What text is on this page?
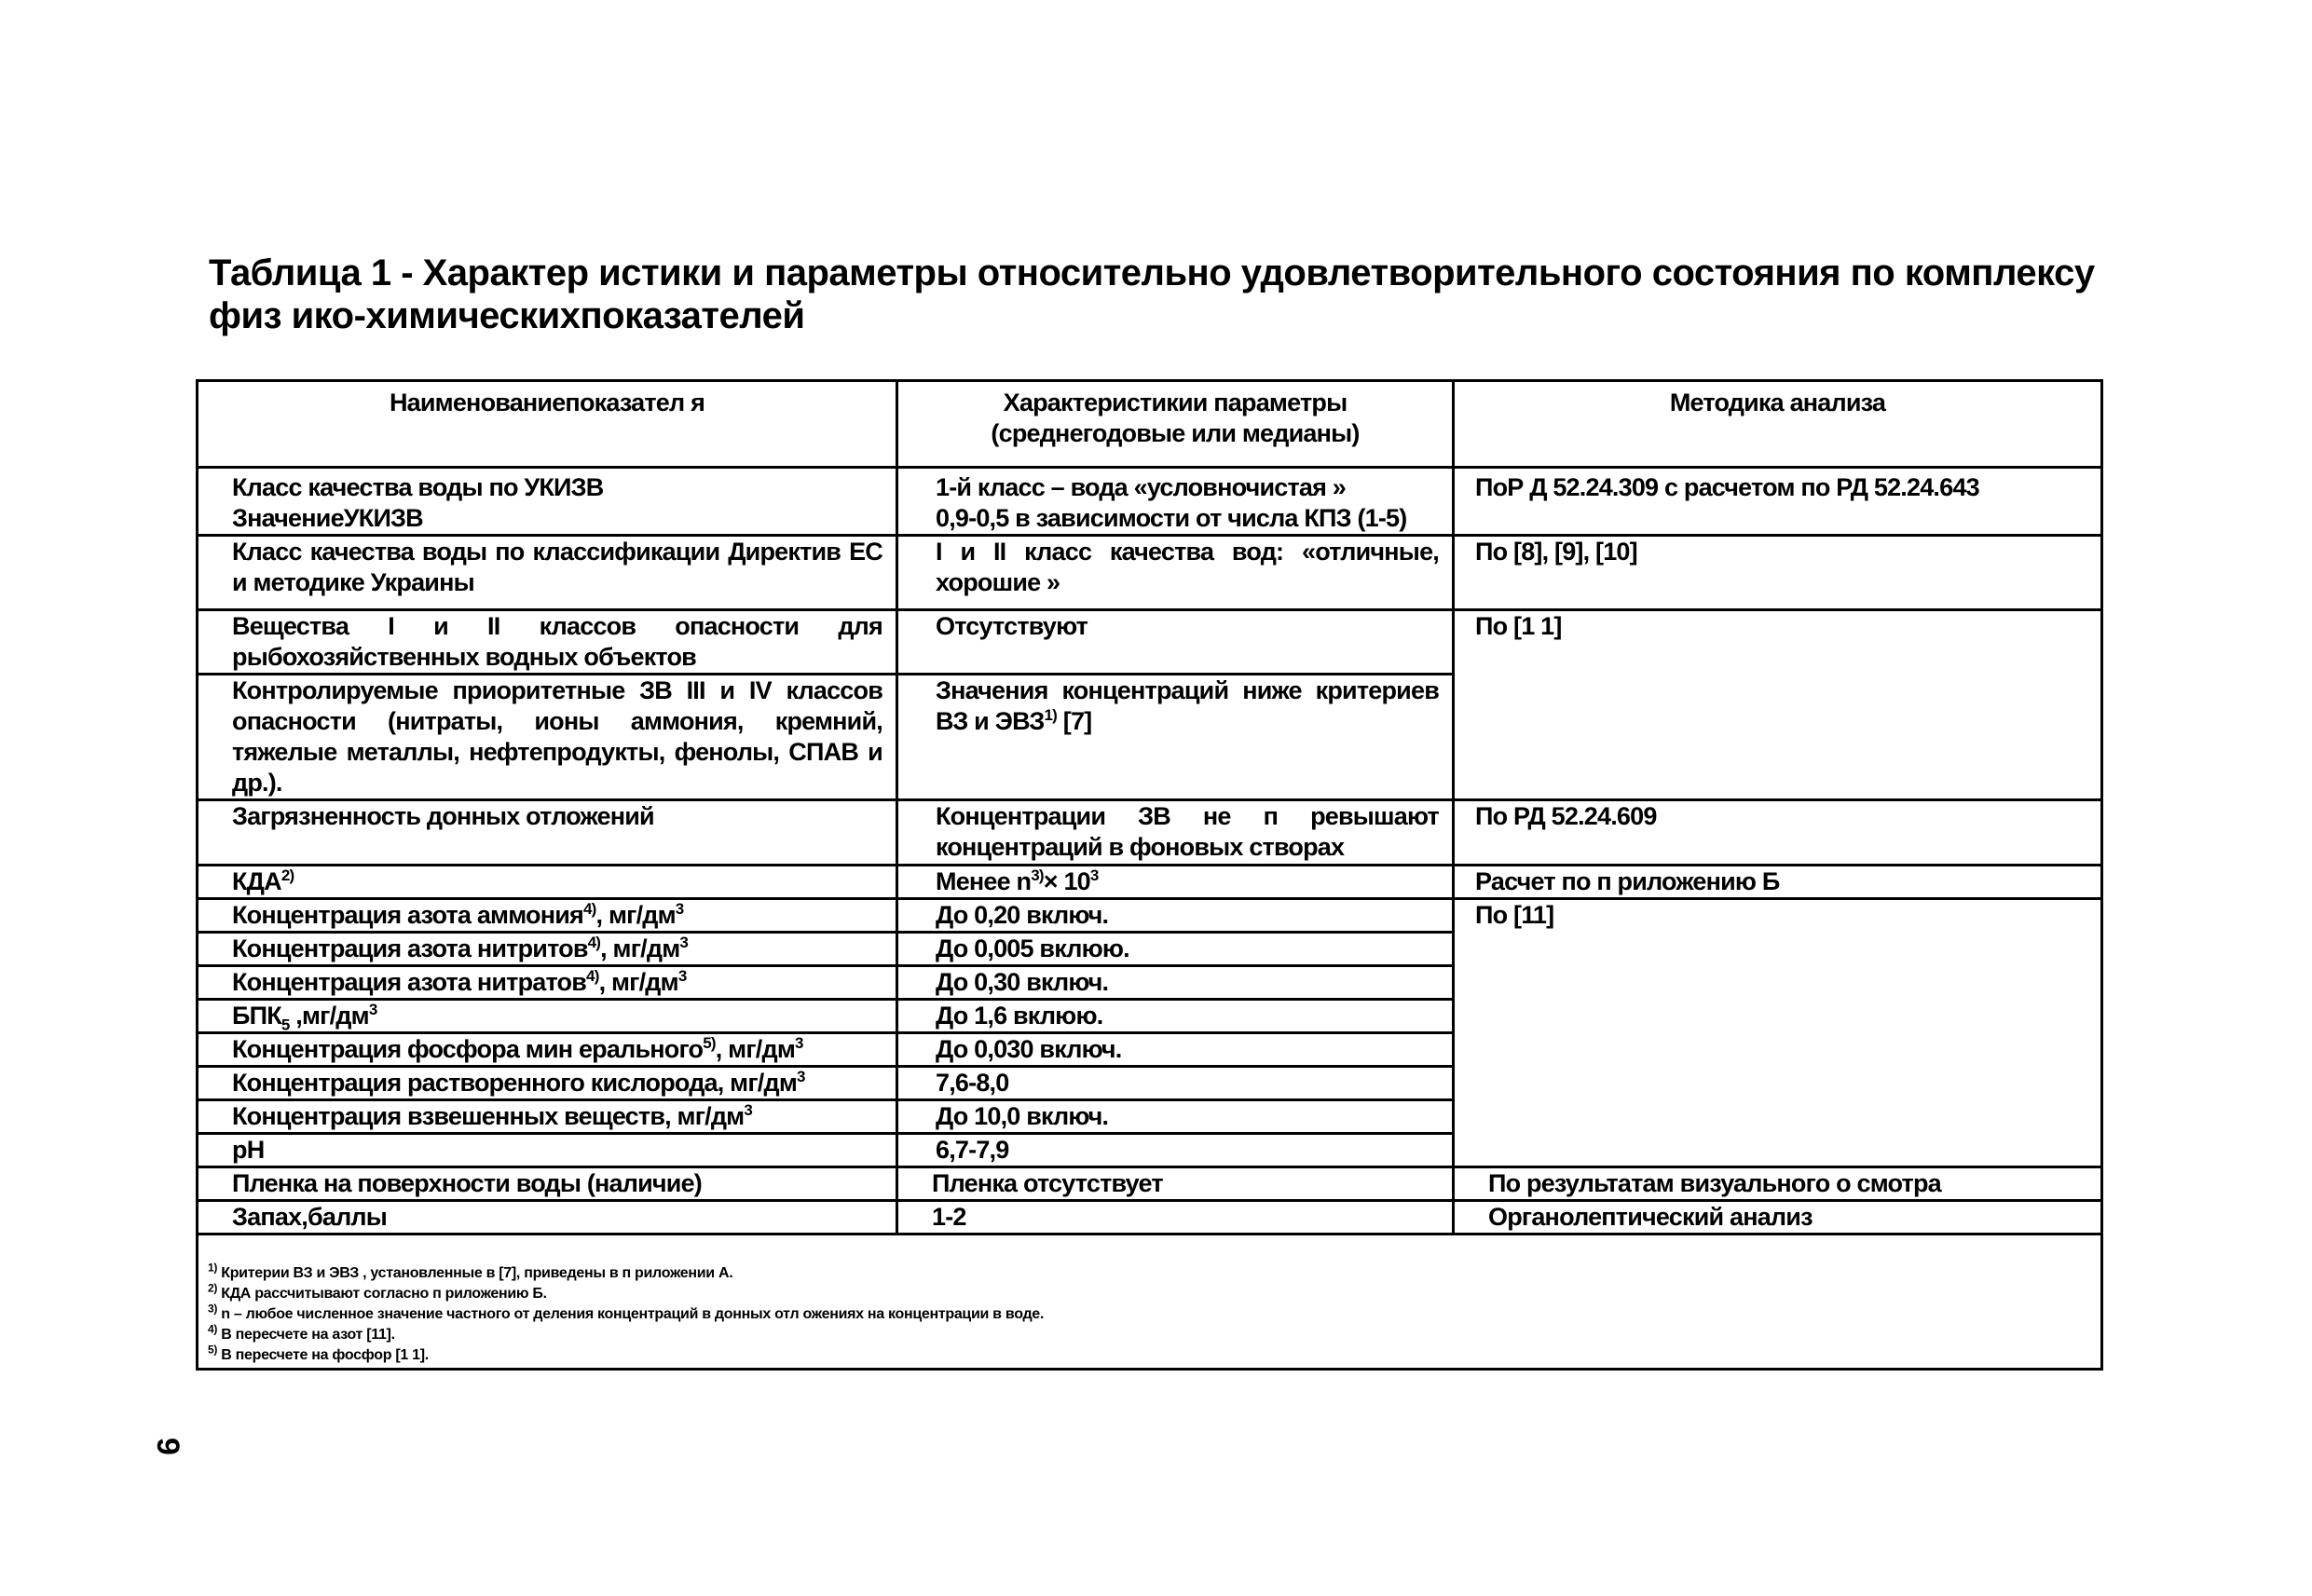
Таблица 1 - Характер истики и параметры относительно удовлетворительного состояния по комплексу физ ико-химическихпоказателей
Наименованиепоказател я	Характеристикии параметры (среднегодовые или медианы)	Методика анализа
Класс качества воды по УКИЗВ	1-й класс – вода «условночистая »	ПоР Д 52.24.309 с расчетом по РД 52.24.643
ЗначениеУКИЗВ	0,9-0,5 в зависимости от числа КПЗ (1-5)	
Класс качества воды по классификации Директив ЕС и методике Украины	I и II класс качества вод: «отличные, хорошие »	По [8], [9], [10]
Вещества I и II классов опасности для рыбохозяйственных водных объектов	Отсутствуют	По [1 1]
Контролируемые приоритетные ЗВ III и IV классов опасности (нитраты, ионы аммония, кремний, тяжелые металлы, нефтепродукты, фенолы, СПАВ и др.).	Значения концентраций ниже критериев ВЗ и ЭВЗ$^{1)}$ [7]	
Загрязненность донных отложений	Концентрации ЗВ не п ревышают концентраций в фоновых створах	По РД 52.24.609
КДА$^{2)}$	Менее $n^{3)}\times 10^3$	Расчет по п риложению Б
Концентрация азота аммония$^{4)}$, $мг/дм^3$	До 0,20 включ.	По [11]
Концентрация азота нитритов$^{4)}$, $мг/дм^3$	До 0,005 вклюю.	
Концентрация азота нитратов$^{4)}$, $мг/дм^3$	До 0,30 включ.	
$БПК_5$ $,мг/дм^3$	До 1,6 вклюю.	
Концентрация фосфора мин ерального$^{5)}$, $мг/дм^3$	До 0,030 включ.	
Концентрация растворенного кислорода, $мг/дм^3$	7,6-8,0	
Концентрация взвешенных веществ, $мг/дм^3$	До 10,0 включ.	
pH	6,7-7,9	
Пленка на поверхности воды (наличие)	Пленка отсутствует	По результатам визуального о смотра
Запах,баллы	1-2	Органолептический анализ

$^{1)}$ Критерии ВЗ и ЭВЗ , установленные в [7], приведены в п риложении А.
$^{2)}$ КДА рассчитывают согласно п риложению Б.
$^{3)}$ n – любое численное значение частного от деления концентраций в донных отл ожениях на концентрации в воде.
$^{4)}$ В пересчете на азот [11].
$^{5)}$ В пересчете на фосфор [1 1].		
9
